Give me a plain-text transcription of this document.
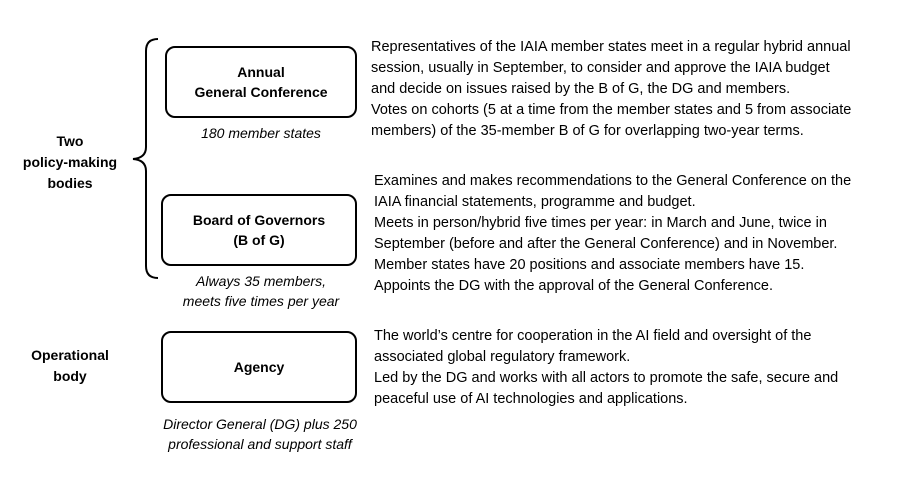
Two
policy-making
bodies
Operational
body
Annual
General Conference
180 member states
Representatives of the IAIA member states meet in a regular hybrid annual
session, usually in September, to consider and approve the IAIA budget
and decide on issues raised by the B of G, the DG and members.
Votes on cohorts (5 at a time from the member states and 5 from associate
members) of the 35-member B of G for overlapping two-year terms.
Board of Governors
(B of G)
Always 35 members,
meets five times per year
Examines and makes recommendations to the General Conference on the
IAIA financial statements, programme and budget.
Meets in person/hybrid five times per year: in March and June, twice in
September (before and after the General Conference) and in November.
Member states have 20 positions and associate members have 15.
Appoints the DG with the approval of the General Conference.
Agency
Director General (DG) plus 250
professional and support staff
The world’s centre for cooperation in the AI field and oversight of the
associated global regulatory framework.
Led by the DG and works with all actors to promote the safe, secure and
peaceful use of AI technologies and applications.
